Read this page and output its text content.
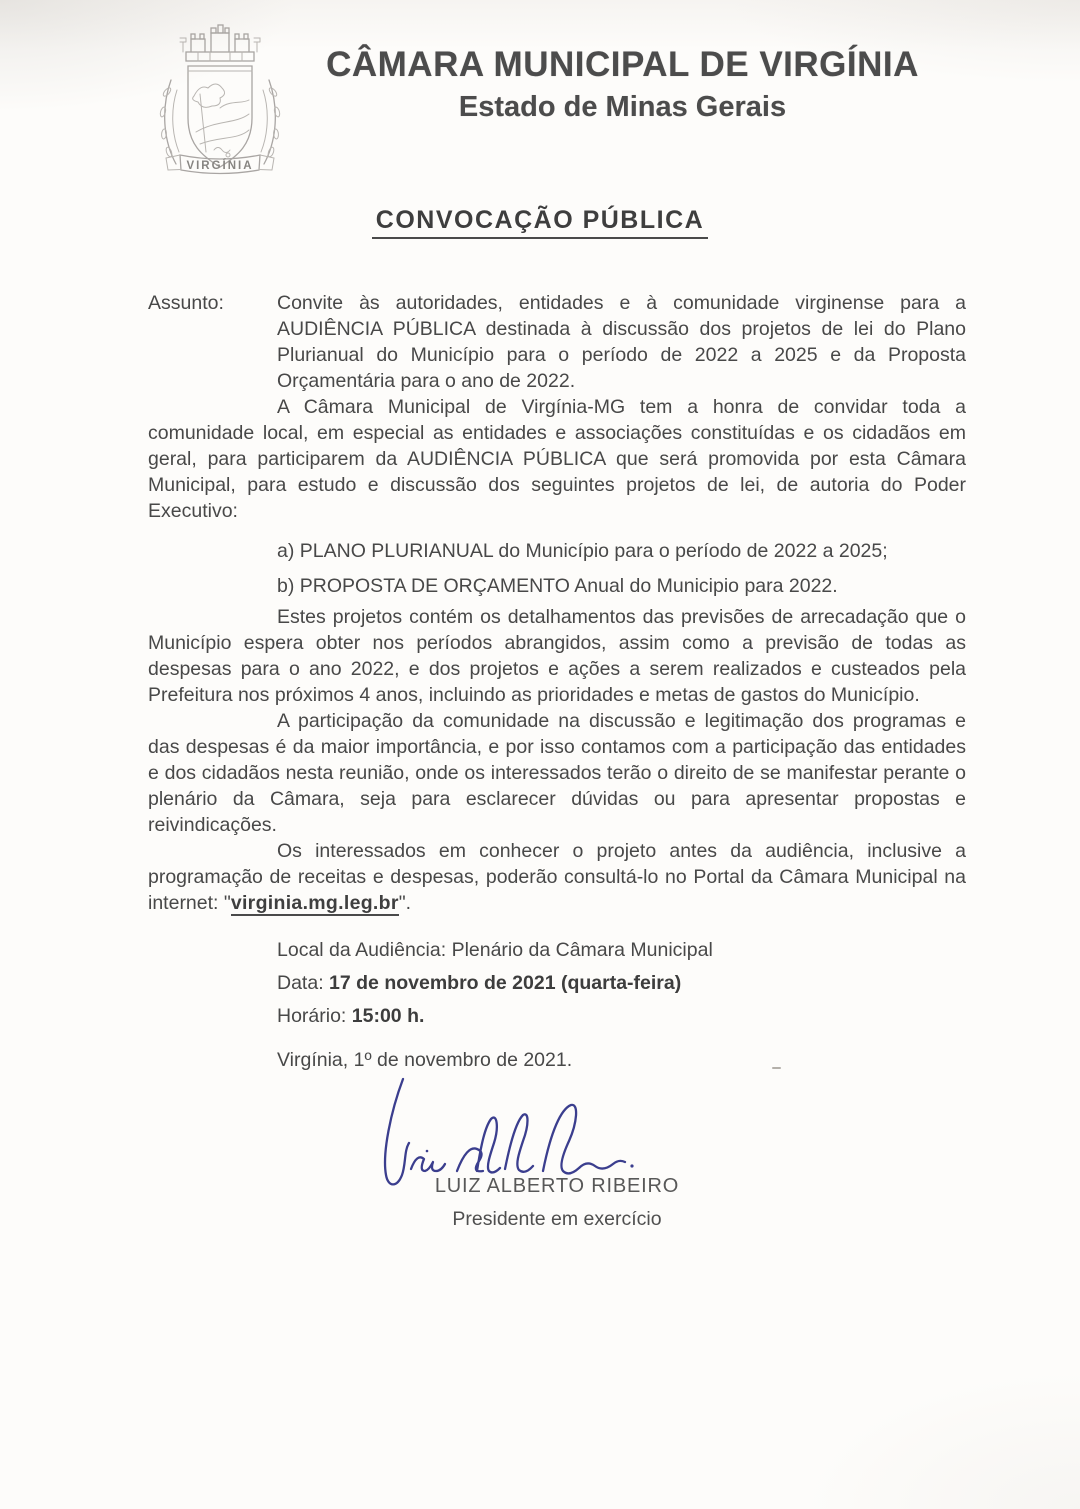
VIRGÍNIA
CÂMARA MUNICIPAL DE VIRGÍNIA
Estado de Minas Gerais
CONVOCAÇÃO PÚBLICA
Assunto:	Convite às autoridades, entidades e à comunidade virginense para a AUDIÊNCIA PÚBLICA destinada à discussão dos projetos de lei do Plano Plurianual do Município para o período de 2022 a 2025 e da Proposta Orçamentária para o ano de 2022.

A Câmara Municipal de Virgínia-MG tem a honra de convidar toda a comunidade local, em especial as entidades e associações constituídas e os cidadãos em geral, para participarem da AUDIÊNCIA PÚBLICA que será promovida por esta Câmara Municipal, para estudo e discussão dos seguintes projetos de lei, de autoria do Poder Executivo:

a) PLANO PLURIANUAL do Município para o período de 2022 a 2025;
b) PROPOSTA DE ORÇAMENTO Anual do Municipio para 2022.

Estes projetos contém os detalhamentos das previsões de arrecadação que o Município espera obter nos períodos abrangidos, assim como a previsão de todas as despesas para o ano 2022, e dos projetos e ações a serem realizados e custeados pela Prefeitura nos próximos 4 anos, incluindo as prioridades e metas de gastos do Município.

A participação da comunidade na discussão e legitimação dos programas e das despesas é da maior importância, e por isso contamos com a participação das entidades e dos cidadãos nesta reunião, onde os interessados terão o direito de se manifestar perante o plenário da Câmara, seja para esclarecer dúvidas ou para apresentar propostas e reivindicações.

Os interessados em conhecer o projeto antes da audiência, inclusive a programação de receitas e despesas, poderão consultá-lo no Portal da Câmara Municipal na internet: "virginia.mg.leg.br".

Local da Audiência: Plenário da Câmara Municipal
Data: 17 de novembro de 2021 (quarta-feira)
Horário: 15:00 h.
Virgínia, 1º de novembro de 2021.
LUIZ ALBERTO RIBEIRO
Presidente em exercício
